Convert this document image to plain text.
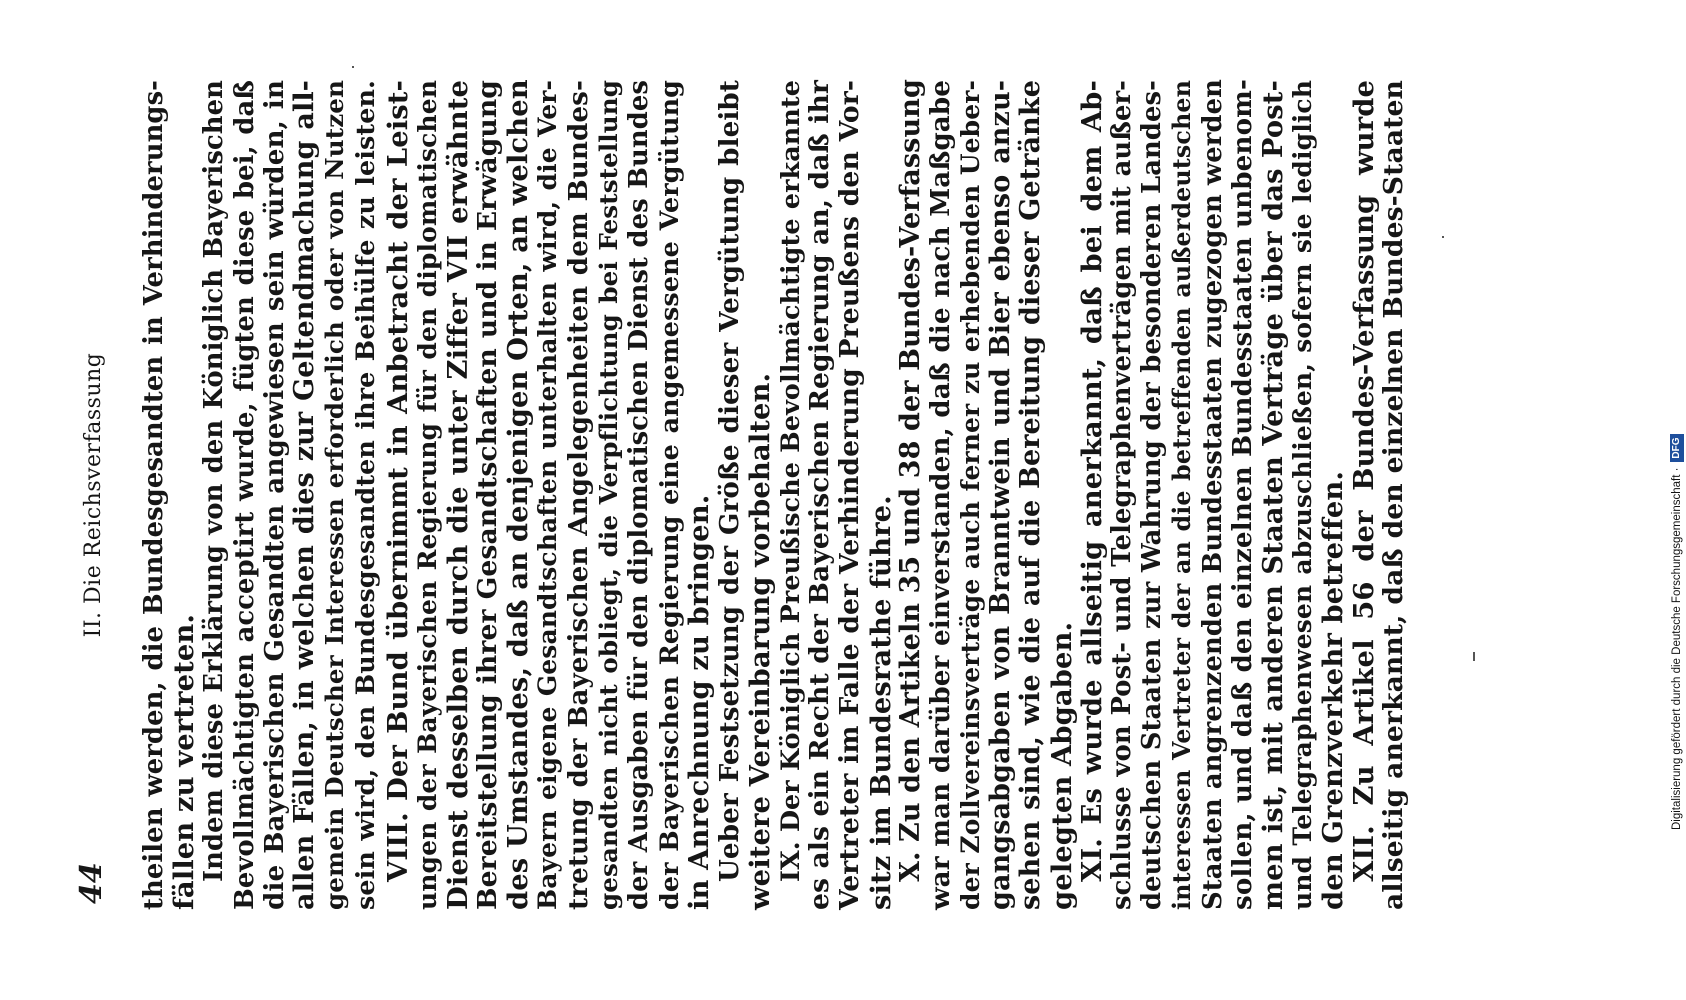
44
II. Die Reichsverfassung theilen werden, die Bundesgesandten in Verhinderungs- fällen zu vertreten. Indem diese Erklärung von den Königlich Bayerischen Bevollmächtigten acceptirt wurde, fügten diese bei, daß die Bayerischen Gesandten angewiesen sein würden, in allen Fällen, in welchen dies zur Geltendmachung all- gemein Deutscher Interessen erforderlich oder von Nutzen sein wird, den Bundesgesandten ihre Beihülfe zu leisten. VIII. Der Bund übernimmt in Anbetracht der Leist- ungen der Bayerischen Regierung für den diplomatischen Dienst desselben durch die unter Ziffer VII erwähnte
Bereitstellung ihrer Gesandtschaften und in Erwägung des Umstandes, daß an denjenigen Orten, an welchen Bayern eigene Gesandtschaften unterhalten wird, die Ver- tretung der Bayerischen Angelegenheiten dem Bundes- gesandten nicht obliegt, die Verpflichtung bei Feststellung der Ausgaben für den diplomatischen Dienst des Bundes der Bayerischen Regierung eine angemessene Vergütung in Anrechnung zu bringen.
Ueber Festsetzung der Größe dieser Vergütung bleibt weitere Vereinbarung vorbehalten. IX. Der Königlich Preußische Bevollmächtigte erkannte es als ein Recht der Bayerischen Regierung an, daß ihr Vertreter im Falle der Verhinderung Preußens den Vor- sitz im Bundesrathe führe.
X. Zu den Artikeln 35 und 38 der Bundes-Verfassung war man darüber einverstanden, daß die nach Maßgabe der Zollvereinsverträge auch ferner zu erhebenden Ueber- gangsabgaben von Branntwein und Bier ebenso anzu- sehen sind, wie die auf die Bereitung dieser Getränke gelegten Abgaben.
XI. Es wurde allseitig anerkannt, daß bei dem Ab- schlusse von Post- und Telegraphenverträgen mit außer- deutschen Staaten zur Wahrung der besonderen Landes- interessen Vertreter der an die betreffenden außerdeutschen Staaten angrenzenden Bundesstaaten zugezogen werden sollen, und daß den einzelnen Bundesstaaten unbenom- men ist, mit anderen Staaten Verträge über das Post- und Telegraphenwesen abzuschließen, sofern sie lediglich den Grenzverkehr betreffen.
XII. Zu Artikel 56 der Bundes-Verfassung wurde
allseitig anerkannt, daß den einzelnen Bundes-Staaten	Digitalisierung gefördert durch die Deutsche Forschungsgemeinschaft ·DFG
